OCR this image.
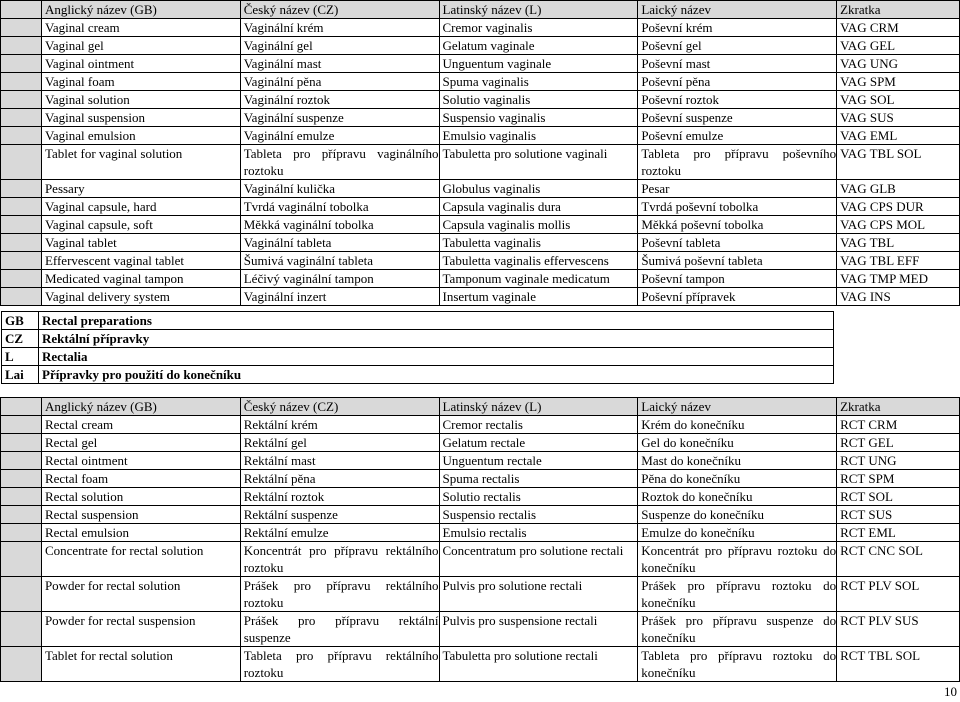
	Anglický název (GB)	Český název (CZ)	Latinský název (L)	Laický název	Zkratka
	Vaginal cream	Vaginální krém	Cremor vaginalis	Poševní krém	VAG CRM
	Vaginal gel	Vaginální gel	Gelatum vaginale	Poševní gel	VAG GEL
	Vaginal ointment	Vaginální mast	Unguentum vaginale	Poševní mast	VAG UNG
	Vaginal foam	Vaginální pěna	Spuma vaginalis	Poševní pěna	VAG SPM
	Vaginal solution	Vaginální roztok	Solutio vaginalis	Poševní roztok	VAG SOL
	Vaginal suspension	Vaginální suspenze	Suspensio vaginalis	Poševní suspenze	VAG SUS
	Vaginal emulsion	Vaginální emulze	Emulsio vaginalis	Poševní emulze	VAG EML
	Tablet for vaginal solution	Tableta pro přípravu vaginálního roztoku	Tabuletta pro solutione vaginali	Tableta pro přípravu poševního roztoku	VAG TBL SOL
	Pessary	Vaginální kulička	Globulus vaginalis	Pesar	VAG GLB
	Vaginal capsule, hard	Tvrdá vaginální tobolka	Capsula vaginalis dura	Tvrdá poševní tobolka	VAG CPS DUR
	Vaginal capsule, soft	Měkká vaginální tobolka	Capsula vaginalis mollis	Měkká poševní tobolka	VAG CPS MOL
	Vaginal tablet	Vaginální tableta	Tabuletta vaginalis	Poševní tableta	VAG TBL
	Effervescent vaginal tablet	Šumivá vaginální tableta	Tabuletta vaginalis effervescens	Šumivá poševní tableta	VAG TBL EFF
	Medicated vaginal tampon	Léčivý vaginální tampon	Tamponum vaginale medicatum	Poševní tampon	VAG TMP MED
	Vaginal delivery system	Vaginální inzert	Insertum vaginale	Poševní přípravek	VAG INS
GB	Rectal preparations
CZ	Rektální přípravky
L	Rectalia
Lai	Přípravky pro použití do konečníku
	Anglický název (GB)	Český název (CZ)	Latinský název (L)	Laický název	Zkratka
	Rectal cream	Rektální krém	Cremor rectalis	Krém do konečníku	RCT CRM
	Rectal gel	Rektální gel	Gelatum rectale	Gel do konečníku	RCT GEL
	Rectal ointment	Rektální mast	Unguentum rectale	Mast do konečníku	RCT UNG
	Rectal foam	Rektální pěna	Spuma rectalis	Pěna do konečníku	RCT SPM
	Rectal solution	Rektální roztok	Solutio rectalis	Roztok do konečníku	RCT SOL
	Rectal suspension	Rektální suspenze	Suspensio rectalis	Suspenze do konečníku	RCT SUS
	Rectal emulsion	Rektální emulze	Emulsio rectalis	Emulze do konečníku	RCT EML
	Concentrate for rectal solution	Koncentrát pro přípravu rektálního roztoku	Concentratum pro solutione rectali	Koncentrát pro přípravu roztoku do konečníku	RCT CNC SOL
	Powder for rectal solution	Prášek pro přípravu rektálního roztoku	Pulvis pro solutione rectali	Prášek pro přípravu roztoku do konečníku	RCT PLV SOL
	Powder for rectal suspension	Prášek pro přípravu rektální suspenze	Pulvis pro suspensione rectali	Prášek pro přípravu suspenze do konečníku	RCT PLV SUS
	Tablet for rectal solution	Tableta pro přípravu rektálního roztoku	Tabuletta pro solutione rectali	Tableta pro přípravu roztoku do konečníku	RCT TBL SOL
10
